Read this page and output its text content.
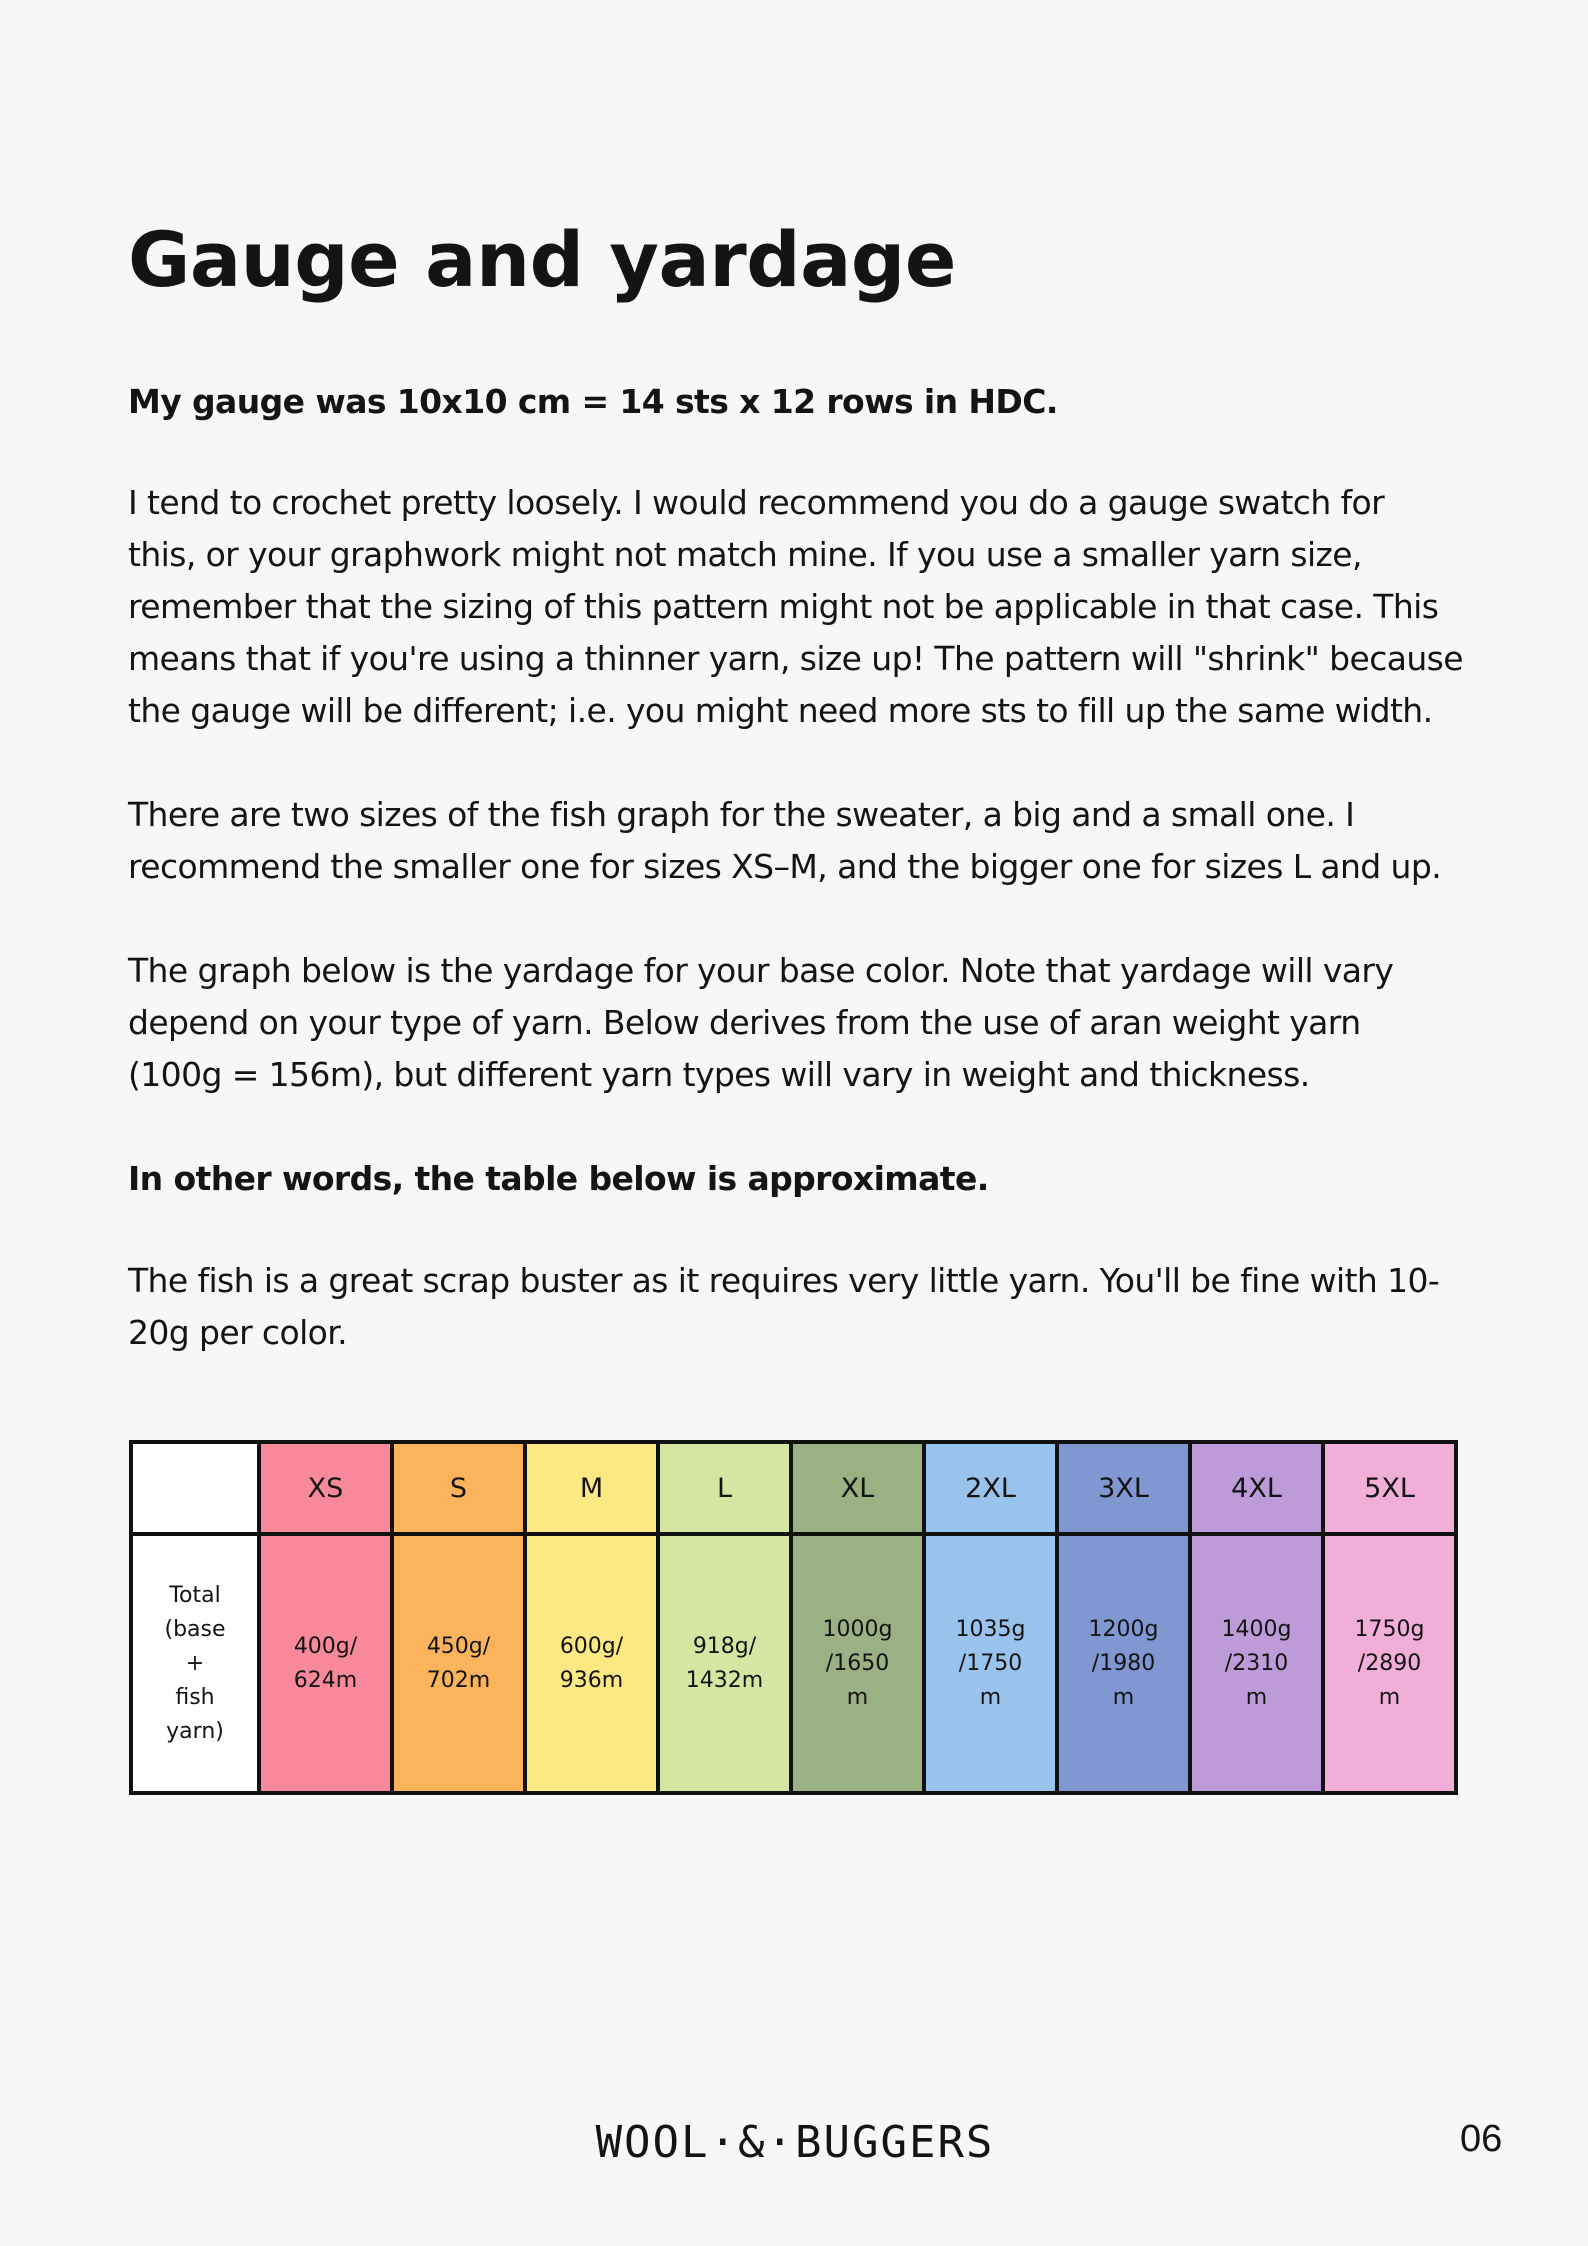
Gauge and yardage

My gauge was 10x10 cm = 14 sts x 12 rows in HDC.

I tend to crochet pretty loosely. I would recommend you do a gauge swatch for
this, or your graphwork might not match mine. If you use a smaller yarn size,
remember that the sizing of this pattern might not be applicable in that case. This
means that if you're using a thinner yarn, size up! The pattern will "shrink" because
the gauge will be different; i.e. you might need more sts to fill up the same width.

There are two sizes of the fish graph for the sweater, a big and a small one. I
recommend the smaller one for sizes XS–M, and the bigger one for sizes L and up.

The graph below is the yardage for your base color. Note that yardage will vary
depend on your type of yarn. Below derives from the use of aran weight yarn
(100g = 156m), but different yarn types will vary in weight and thickness.

In other words, the table below is approximate.

The fish is a great scrap buster as it requires very little yarn. You'll be fine with 10-
20g per color.

	XS	S	M	L	XL	2XL	3XL	4XL	5XL
Total
(base
+
fish
yarn)	400g/
624m	450g/
702m	600g/
936m	918g/
1432m	1000g
/1650
m	1035g
/1750
m	1200g
/1980
m	1400g
/2310
m	1750g
/2890
m
WOOL·&·BUGGERS	06
